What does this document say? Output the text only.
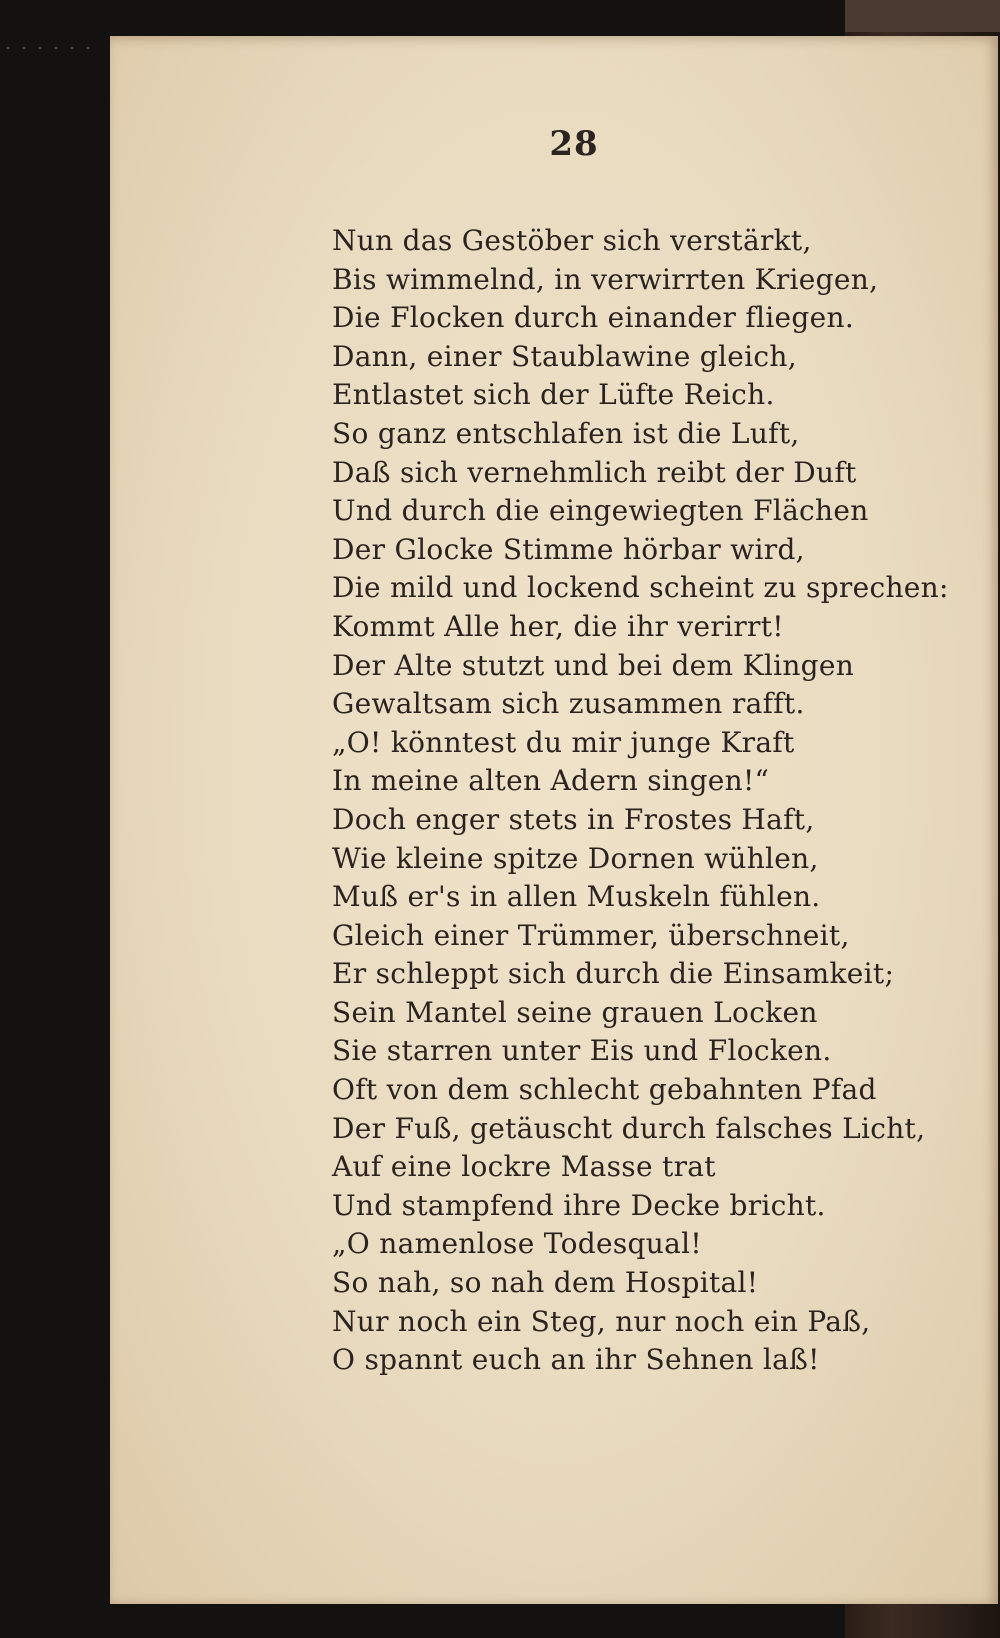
28
Nun das Gestöber sich verstärkt,
Bis wimmelnd, in verwirrten Kriegen,
Die Flocken durch einander fliegen.
Dann, einer Staublawine gleich,
Entlastet sich der Lüfte Reich.
So ganz entschlafen ist die Luft,
Daß sich vernehmlich reibt der Duft
Und durch die eingewiegten Flächen
Der Glocke Stimme hörbar wird,
Die mild und lockend scheint zu sprechen:
Kommt Alle her, die ihr verirrt!
Der Alte stutzt und bei dem Klingen
Gewaltsam sich zusammen rafft.
„O! könntest du mir junge Kraft
In meine alten Adern singen!“
Doch enger stets in Frostes Haft,
Wie kleine spitze Dornen wühlen,
Muß er's in allen Muskeln fühlen.
Gleich einer Trümmer, überschneit,
Er schleppt sich durch die Einsamkeit;
Sein Mantel seine grauen Locken
Sie starren unter Eis und Flocken.
Oft von dem schlecht gebahnten Pfad
Der Fuß, getäuscht durch falsches Licht,
Auf eine lockre Masse trat
Und stampfend ihre Decke bricht.
„O namenlose Todesqual!
So nah, so nah dem Hospital!
Nur noch ein Steg, nur noch ein Paß,
O spannt euch an ihr Sehnen laß!
